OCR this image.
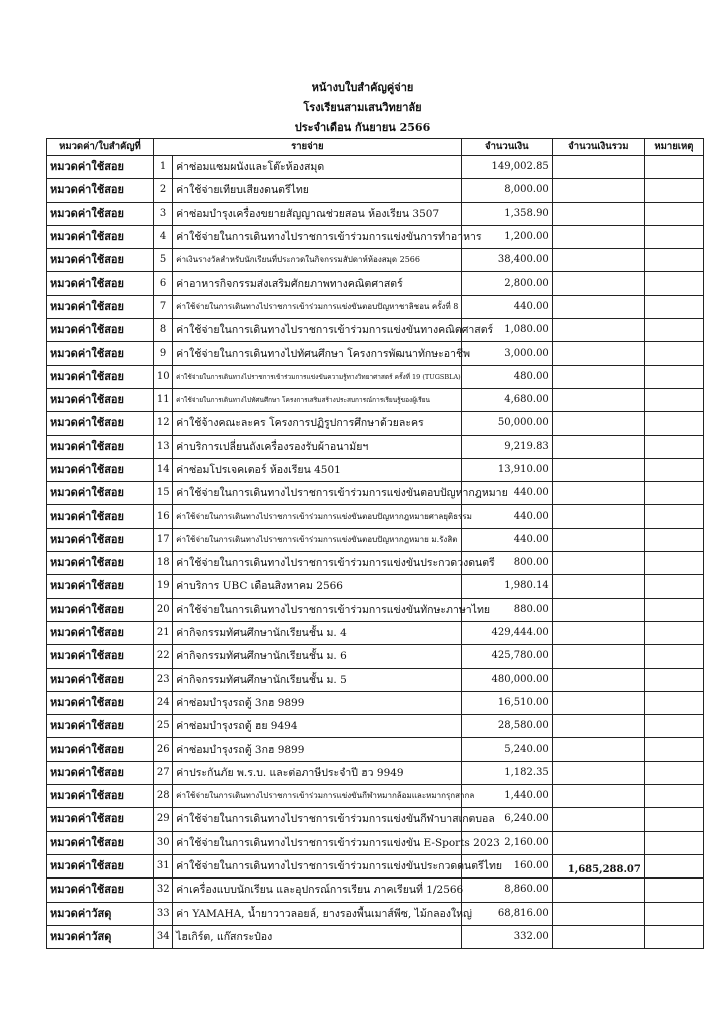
หน้างบใบสำคัญคู่จ่าย
โรงเรียนสามเสนวิทยาลัย
ประจำเดือน กันยายน 2566
หมวดค่า/ใบสำคัญที่	รายจ่าย		จำนวนเงิน	จำนวนเงินรวม	หมายเหตุ
หมวดค่าใช้สอย	1	ค่าซ่อมแซมผนังและโต๊ะห้องสมุด	149,002.85		
หมวดค่าใช้สอย	2	ค่าใช้จ่ายเทียบเสียงดนตรีไทย	8,000.00		
หมวดค่าใช้สอย	3	ค่าซ่อมบำรุงเครื่องขยายสัญญาณช่วยสอน ห้องเรียน 3507	1,358.90		
หมวดค่าใช้สอย	4	ค่าใช้จ่ายในการเดินทางไปราชการเข้าร่วมการแข่งขันการทำอาหาร	1,200.00		
หมวดค่าใช้สอย	5	ค่าเงินรางวัลสำหรับนักเรียนที่ประกวดในกิจกรรมสัปดาห์ห้องสมุด 2566	38,400.00		
หมวดค่าใช้สอย	6	ค่าอาหารกิจกรรมส่งเสริมศักยภาพทางคณิตศาสตร์	2,800.00		
หมวดค่าใช้สอย	7	ค่าใช้จ่ายในการเดินทางไปราชการเข้าร่วมการแข่งขันตอบปัญหาชาลิชอน ครั้งที่ 8	440.00		
หมวดค่าใช้สอย	8	ค่าใช้จ่ายในการเดินทางไปราชการเข้าร่วมการแข่งขันทางคณิตศาสตร์	1,080.00		
หมวดค่าใช้สอย	9	ค่าใช้จ่ายในการเดินทางไปทัศนศึกษา โครงการพัฒนาทักษะอาชีพ	3,000.00		
หมวดค่าใช้สอย	10	ค่าใช้จ่ายในการเดินทางไปราชการเข้าร่วมการแข่งขันความรู้ทางวิทยาศาสตร์ ครั้งที่ 19 (TUGSBLA)	480.00		
หมวดค่าใช้สอย	11	ค่าใช้จ่ายในการเดินทางไปทัศนศึกษา โครงการเสริมสร้างประสบการณ์การเรียนรู้ของผู้เรียน	4,680.00		
หมวดค่าใช้สอย	12	ค่าใช้จ้างคณะละคร โครงการปฏิรูปการศึกษาด้วยละคร	50,000.00		
หมวดค่าใช้สอย	13	ค่าบริการเปลี่ยนถังเครื่องรองรับผ้าอนามัยฯ	9,219.83		
หมวดค่าใช้สอย	14	ค่าซ่อมโปรเจคเตอร์ ห้องเรียน 4501	13,910.00		
หมวดค่าใช้สอย	15	ค่าใช้จ่ายในการเดินทางไปราชการเข้าร่วมการแข่งขันตอบปัญหากฎหมาย	440.00		
หมวดค่าใช้สอย	16	ค่าใช้จ่ายในการเดินทางไปราชการเข้าร่วมการแข่งขันตอบปัญหากฎหมายศาลยุติธรรม	440.00		
หมวดค่าใช้สอย	17	ค่าใช้จ่ายในการเดินทางไปราชการเข้าร่วมการแข่งขันตอบปัญหากฎหมาย ม.รังสิต	440.00		
หมวดค่าใช้สอย	18	ค่าใช้จ่ายในการเดินทางไปราชการเข้าร่วมการแข่งขันประกวดวงดนตรี	800.00		
หมวดค่าใช้สอย	19	ค่าบริการ UBC เดือนสิงหาคม 2566	1,980.14		
หมวดค่าใช้สอย	20	ค่าใช้จ่ายในการเดินทางไปราชการเข้าร่วมการแข่งขันทักษะภาษาไทย	880.00		
หมวดค่าใช้สอย	21	ค่ากิจกรรมทัศนศึกษานักเรียนชั้น ม. 4	429,444.00		
หมวดค่าใช้สอย	22	ค่ากิจกรรมทัศนศึกษานักเรียนชั้น ม. 6	425,780.00		
หมวดค่าใช้สอย	23	ค่ากิจกรรมทัศนศึกษานักเรียนชั้น ม. 5	480,000.00		
หมวดค่าใช้สอย	24	ค่าซ่อมบำรุงรถตู้ 3กฮ 9899	16,510.00		
หมวดค่าใช้สอย	25	ค่าซ่อมบำรุงรถตู้ ฮย 9494	28,580.00		
หมวดค่าใช้สอย	26	ค่าซ่อมบำรุงรถตู้ 3กฮ 9899	5,240.00		
หมวดค่าใช้สอย	27	ค่าประกันภัย พ.ร.บ. และต่อภาษีประจำปี ฮว 9949	1,182.35		
หมวดค่าใช้สอย	28	ค่าใช้จ่ายในการเดินทางไปราชการเข้าร่วมการแข่งขันกีฬาหมากล้อมและหมากรุกสากล	1,440.00		
หมวดค่าใช้สอย	29	ค่าใช้จ่ายในการเดินทางไปราชการเข้าร่วมการแข่งขันกีฬาบาสเกตบอล	6,240.00		
หมวดค่าใช้สอย	30	ค่าใช้จ่ายในการเดินทางไปราชการเข้าร่วมการแข่งขัน E-Sports 2023	2,160.00		
หมวดค่าใช้สอย	31	ค่าใช้จ่ายในการเดินทางไปราชการเข้าร่วมการแข่งขันประกวดดนตรีไทย	160.00	1,685,288.07	
หมวดค่าใช้สอย	32	ค่าเครื่องแบบนักเรียน และอุปกรณ์การเรียน ภาคเรียนที่ 1/2566	8,860.00		
หมวดค่าวัสดุ	33	ค่า YAMAHA, น้ำยาวาวลอยล์, ยางรองพื้นเมาส์พีซ, ไม้กลองใหญ่	68,816.00		
หมวดค่าวัสดุ	34	ไฮเกิร์ต, แก๊สกระป๋อง	332.00		
